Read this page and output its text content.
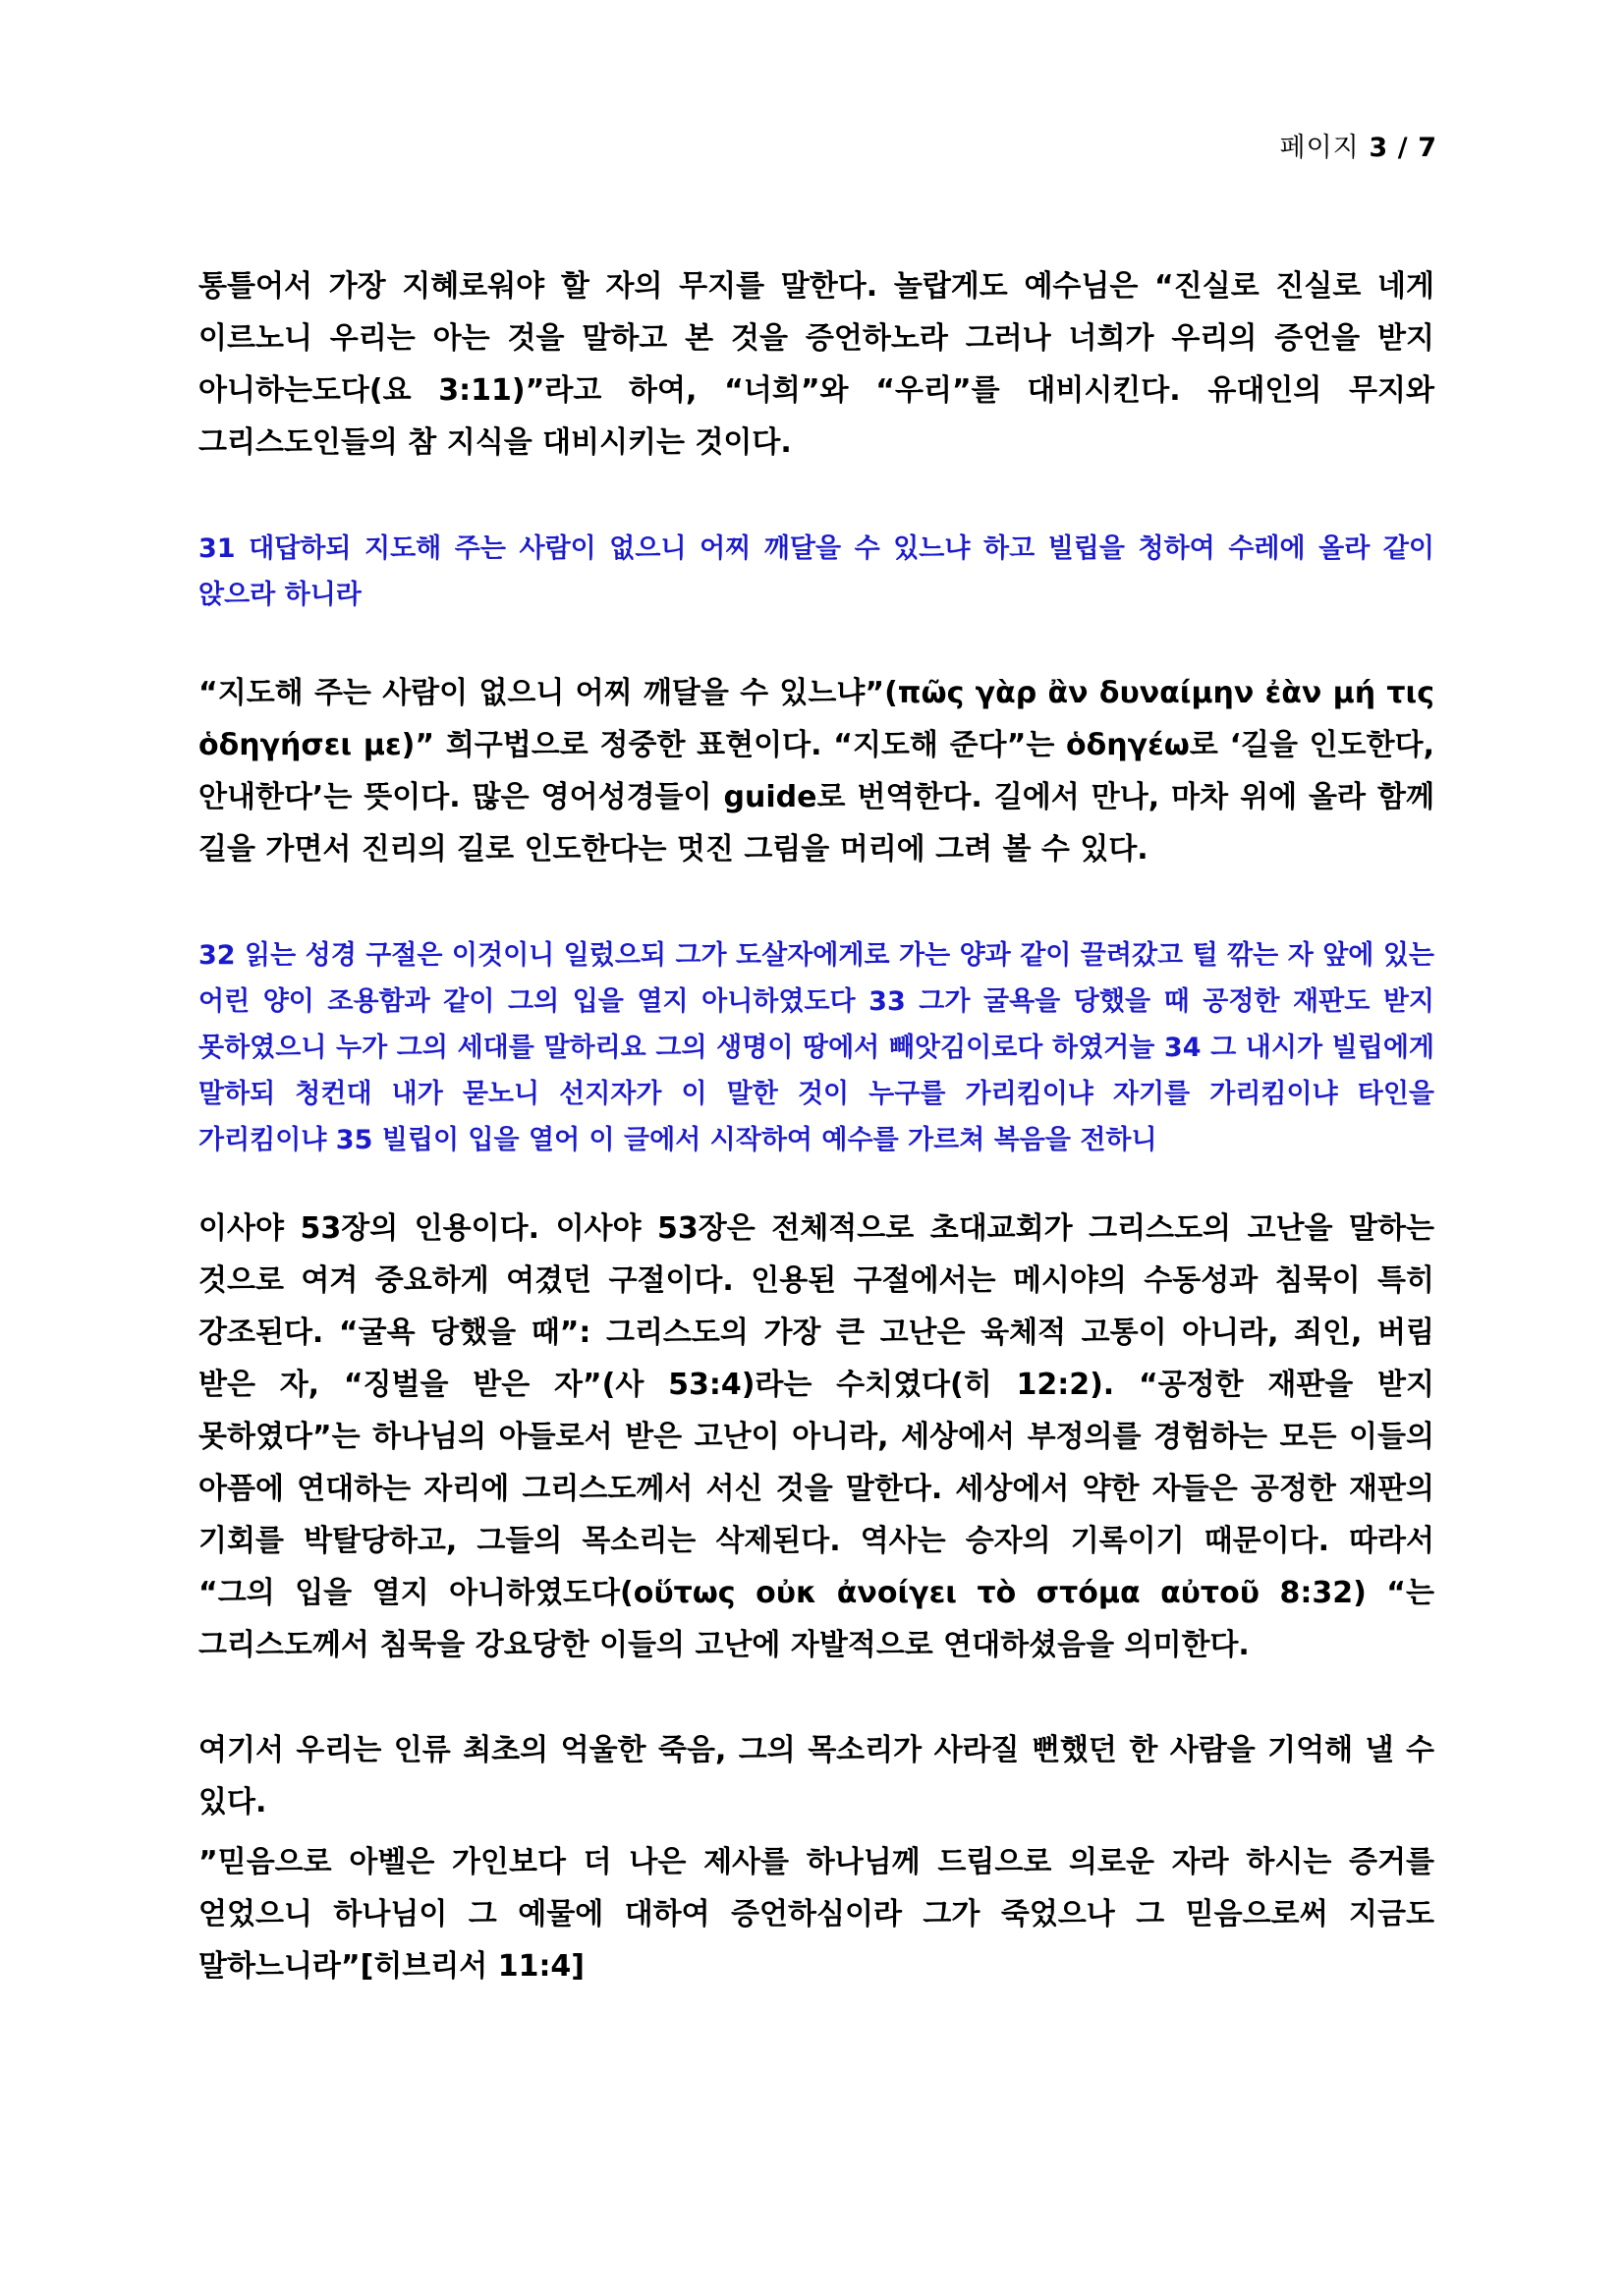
페이지 3 / 7

통틀어서 가장 지혜로워야 할 자의 무지를 말한다. 놀랍게도 예수님은 “진실로 진실로 네게 이르노니 우리는 아는 것을 말하고 본 것을 증언하노라 그러나 너희가 우리의 증언을 받지 아니하는도다(요 3:11)”라고 하여, “너희”와 “우리”를 대비시킨다. 유대인의 무지와 그리스도인들의 참 지식을 대비시키는 것이다.

31 대답하되 지도해 주는 사람이 없으니 어찌 깨달을 수 있느냐 하고 빌립을 청하여 수레에 올라 같이 앉으라 하니라

“지도해 주는 사람이 없으니 어찌 깨달을 수 있느냐”(πῶς γὰρ ἂν δυναίμην ἐὰν μή τις ὁδηγήσει με)” 희구법으로 정중한 표현이다. “지도해 준다”는 ὁδηγέω로 ‘길을 인도한다, 안내한다’는 뜻이다. 많은 영어성경들이 guide로 번역한다. 길에서 만나, 마차 위에 올라 함께 길을 가면서 진리의 길로 인도한다는 멋진 그림을 머리에 그려 볼 수 있다.

32 읽는 성경 구절은 이것이니 일렀으되 그가 도살자에게로 가는 양과 같이 끌려갔고 털 깎는 자 앞에 있는 어린 양이 조용함과 같이 그의 입을 열지 아니하였도다 33 그가 굴욕을 당했을 때 공정한 재판도 받지 못하였으니 누가 그의 세대를 말하리요 그의 생명이 땅에서 빼앗김이로다 하였거늘 34 그 내시가 빌립에게 말하되 청컨대 내가 묻노니 선지자가 이 말한 것이 누구를 가리킴이냐 자기를 가리킴이냐 타인을 가리킴이냐 35 빌립이 입을 열어 이 글에서 시작하여 예수를 가르쳐 복음을 전하니

이사야 53장의 인용이다. 이사야 53장은 전체적으로 초대교회가 그리스도의 고난을 말하는 것으로 여겨 중요하게 여겼던 구절이다. 인용된 구절에서는 메시야의 수동성과 침묵이 특히 강조된다. “굴욕 당했을 때”: 그리스도의 가장 큰 고난은 육체적 고통이 아니라, 죄인, 버림 받은 자, “징벌을 받은 자”(사 53:4)라는 수치였다(히 12:2). “공정한 재판을 받지 못하였다”는 하나님의 아들로서 받은 고난이 아니라, 세상에서 부정의를 경험하는 모든 이들의 아픔에 연대하는 자리에 그리스도께서 서신 것을 말한다. 세상에서 약한 자들은 공정한 재판의 기회를 박탈당하고, 그들의 목소리는 삭제된다. 역사는 승자의 기록이기 때문이다. 따라서 “그의 입을 열지 아니하였도다(οὕτως οὐκ ἀνοίγει τὸ στόμα αὐτοῦ 8:32) “는 그리스도께서 침묵을 강요당한 이들의 고난에 자발적으로 연대하셨음을 의미한다.

여기서 우리는 인류 최초의 억울한 죽음, 그의 목소리가 사라질 뻔했던 한 사람을 기억해 낼 수 있다.

”믿음으로 아벨은 가인보다 더 나은 제사를 하나님께 드림으로 의로운 자라 하시는 증거를 얻었으니 하나님이 그 예물에 대하여 증언하심이라 그가 죽었으나 그 믿음으로써 지금도 말하느니라”[히브리서 11:4]
